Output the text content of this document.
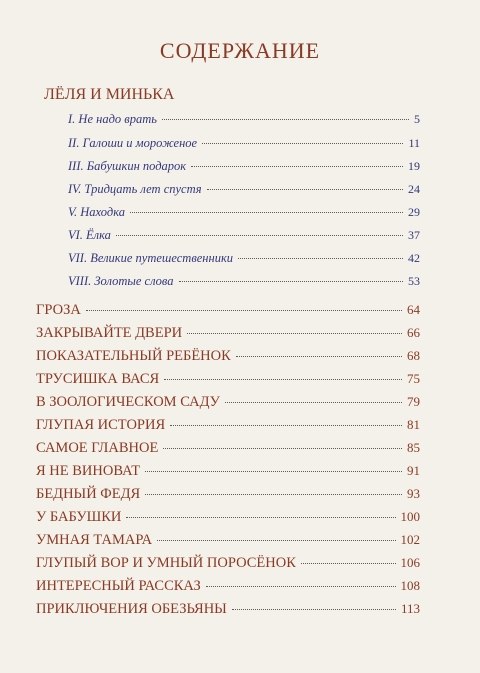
СОДЕРЖАНИЕ
ЛЁЛЯ И МИНЬКА
I. Не надо врать	5
II. Галоши и мороженое	11
III. Бабушкин подарок	19
IV. Тридцать лет спустя	24
V. Находка	29
VI. Ёлка	37
VII. Великие путешественники	42
VIII. Золотые слова	53
ГРОЗА	64
ЗАКРЫВАЙТЕ ДВЕРИ	66
ПОКАЗАТЕЛЬНЫЙ РЕБЁНОК	68
ТРУСИШКА ВАСЯ	75
В ЗООЛОГИЧЕСКОМ САДУ	79
ГЛУПАЯ ИСТОРИЯ	81
САМОЕ ГЛАВНОЕ	85
Я НЕ ВИНОВАТ	91
БЕДНЫЙ ФЕДЯ	93
У БАБУШКИ	100
УМНАЯ ТАМАРА	102
ГЛУПЫЙ ВОР И УМНЫЙ ПОРОСЁНОК	106
ИНТЕРЕСНЫЙ РАССКАЗ	108
ПРИКЛЮЧЕНИЯ ОБЕЗЬЯНЫ	113
